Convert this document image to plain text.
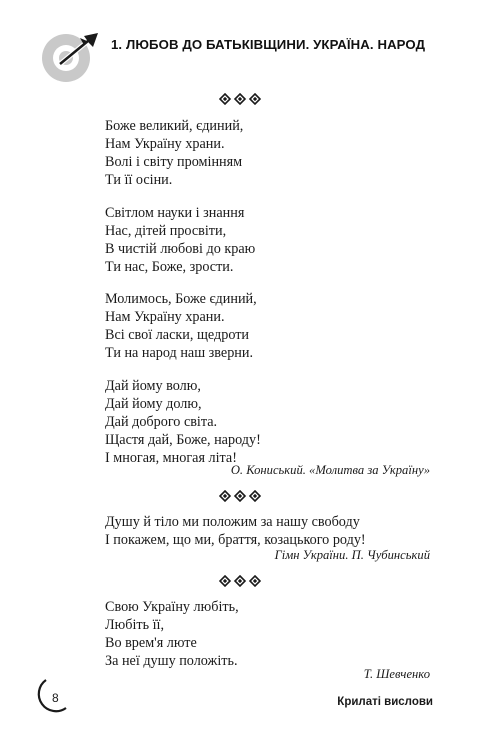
1. ЛЮБОВ ДО БАТЬКІВЩИНИ. УКРАЇНА. НАРОД
Боже великий, єдиний,
Нам Україну храни.
Волі і світу промінням
Ти її осіни.
Світлом науки і знання
Нас, дітей просвіти,
В чистій любові до краю
Ти нас, Боже, зрости.
Молимось, Боже єдиний,
Нам Україну храни.
Всі свої ласки, щедроти
Ти на народ наш зверни.
Дай йому волю,
Дай йому долю,
Дай доброго світа.
Щастя дай, Боже, народу!
І многая, многая літа!
О. Кониський. «Молитва за Україну»
Душу й тіло ми положим за нашу свободу
І покажем, що ми, браття, козацького роду!
Гімн України. П. Чубинський
Свою Україну любіть,
Любіть її,
Во врем'я люте
За неї душу положіть.
Т. Шевченко
8	Крилаті вислови
